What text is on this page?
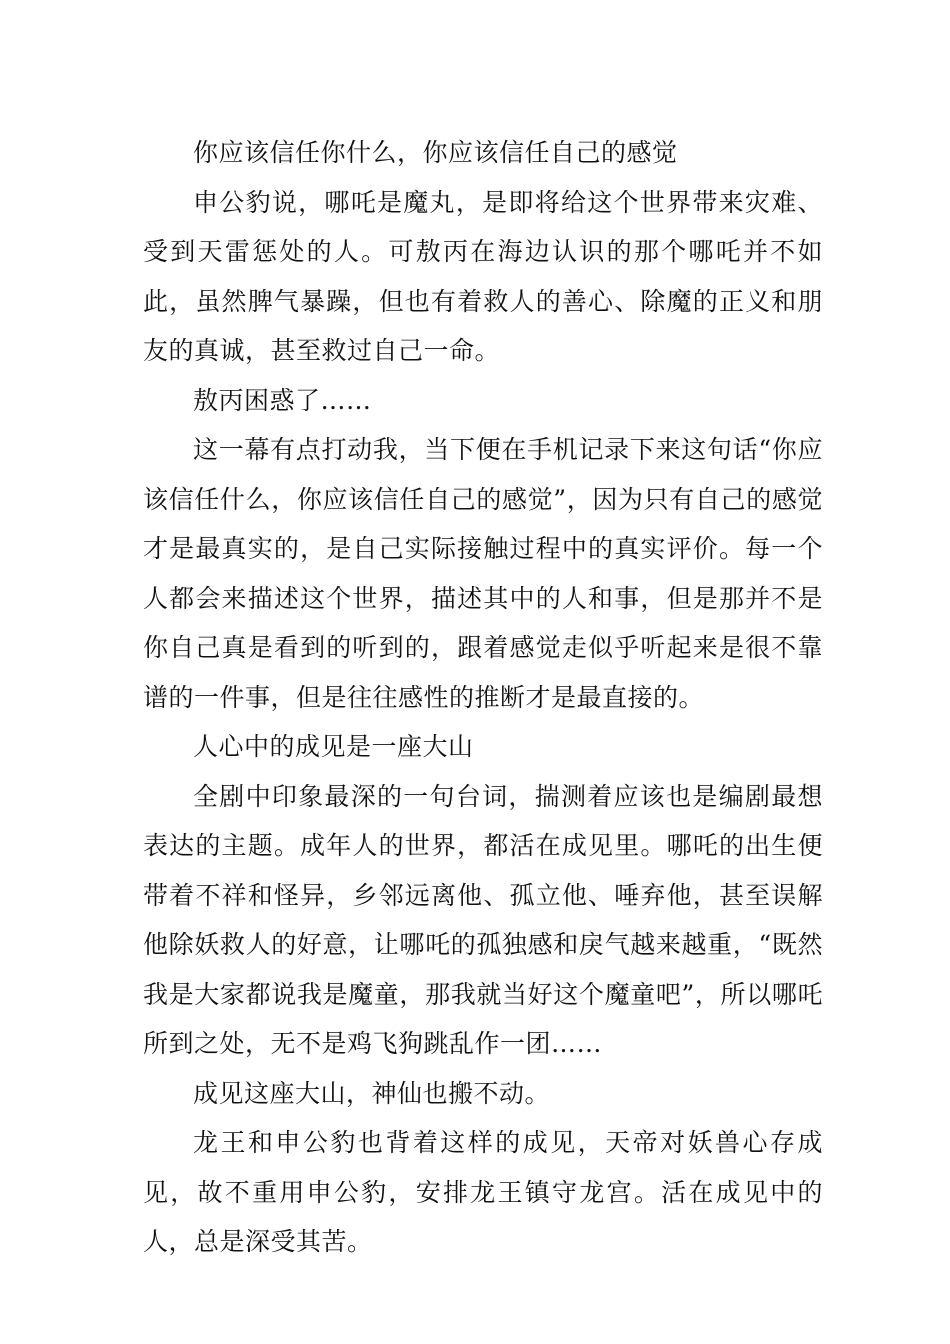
你应该信任你什么，你应该信任自己的感觉

申公豹说，哪吒是魔丸，是即将给这个世界带来灾难、受到天雷惩处的人。可敖丙在海边认识的那个哪吒并不如此，虽然脾气暴躁，但也有着救人的善心、除魔的正义和朋友的真诚，甚至救过自己一命。

敖丙困惑了……

这一幕有点打动我，当下便在手机记录下来这句话“你应该信任什么，你应该信任自己的感觉”，因为只有自己的感觉才是最真实的，是自己实际接触过程中的真实评价。每一个人都会来描述这个世界，描述其中的人和事，但是那并不是你自己真是看到的听到的，跟着感觉走似乎听起来是很不靠谱的一件事，但是往往感性的推断才是最直接的。

人心中的成见是一座大山

全剧中印象最深的一句台词，揣测着应该也是编剧最想表达的主题。成年人的世界，都活在成见里。哪吒的出生便带着不祥和怪异，乡邻远离他、孤立他、唾弃他，甚至误解他除妖救人的好意，让哪吒的孤独感和戾气越来越重，“既然我是大家都说我是魔童，那我就当好这个魔童吧”，所以哪吒所到之处，无不是鸡飞狗跳乱作一团……

成见这座大山，神仙也搬不动。

龙王和申公豹也背着这样的成见，天帝对妖兽心存成见，故不重用申公豹，安排龙王镇守龙宫。活在成见中的人，总是深受其苦。
